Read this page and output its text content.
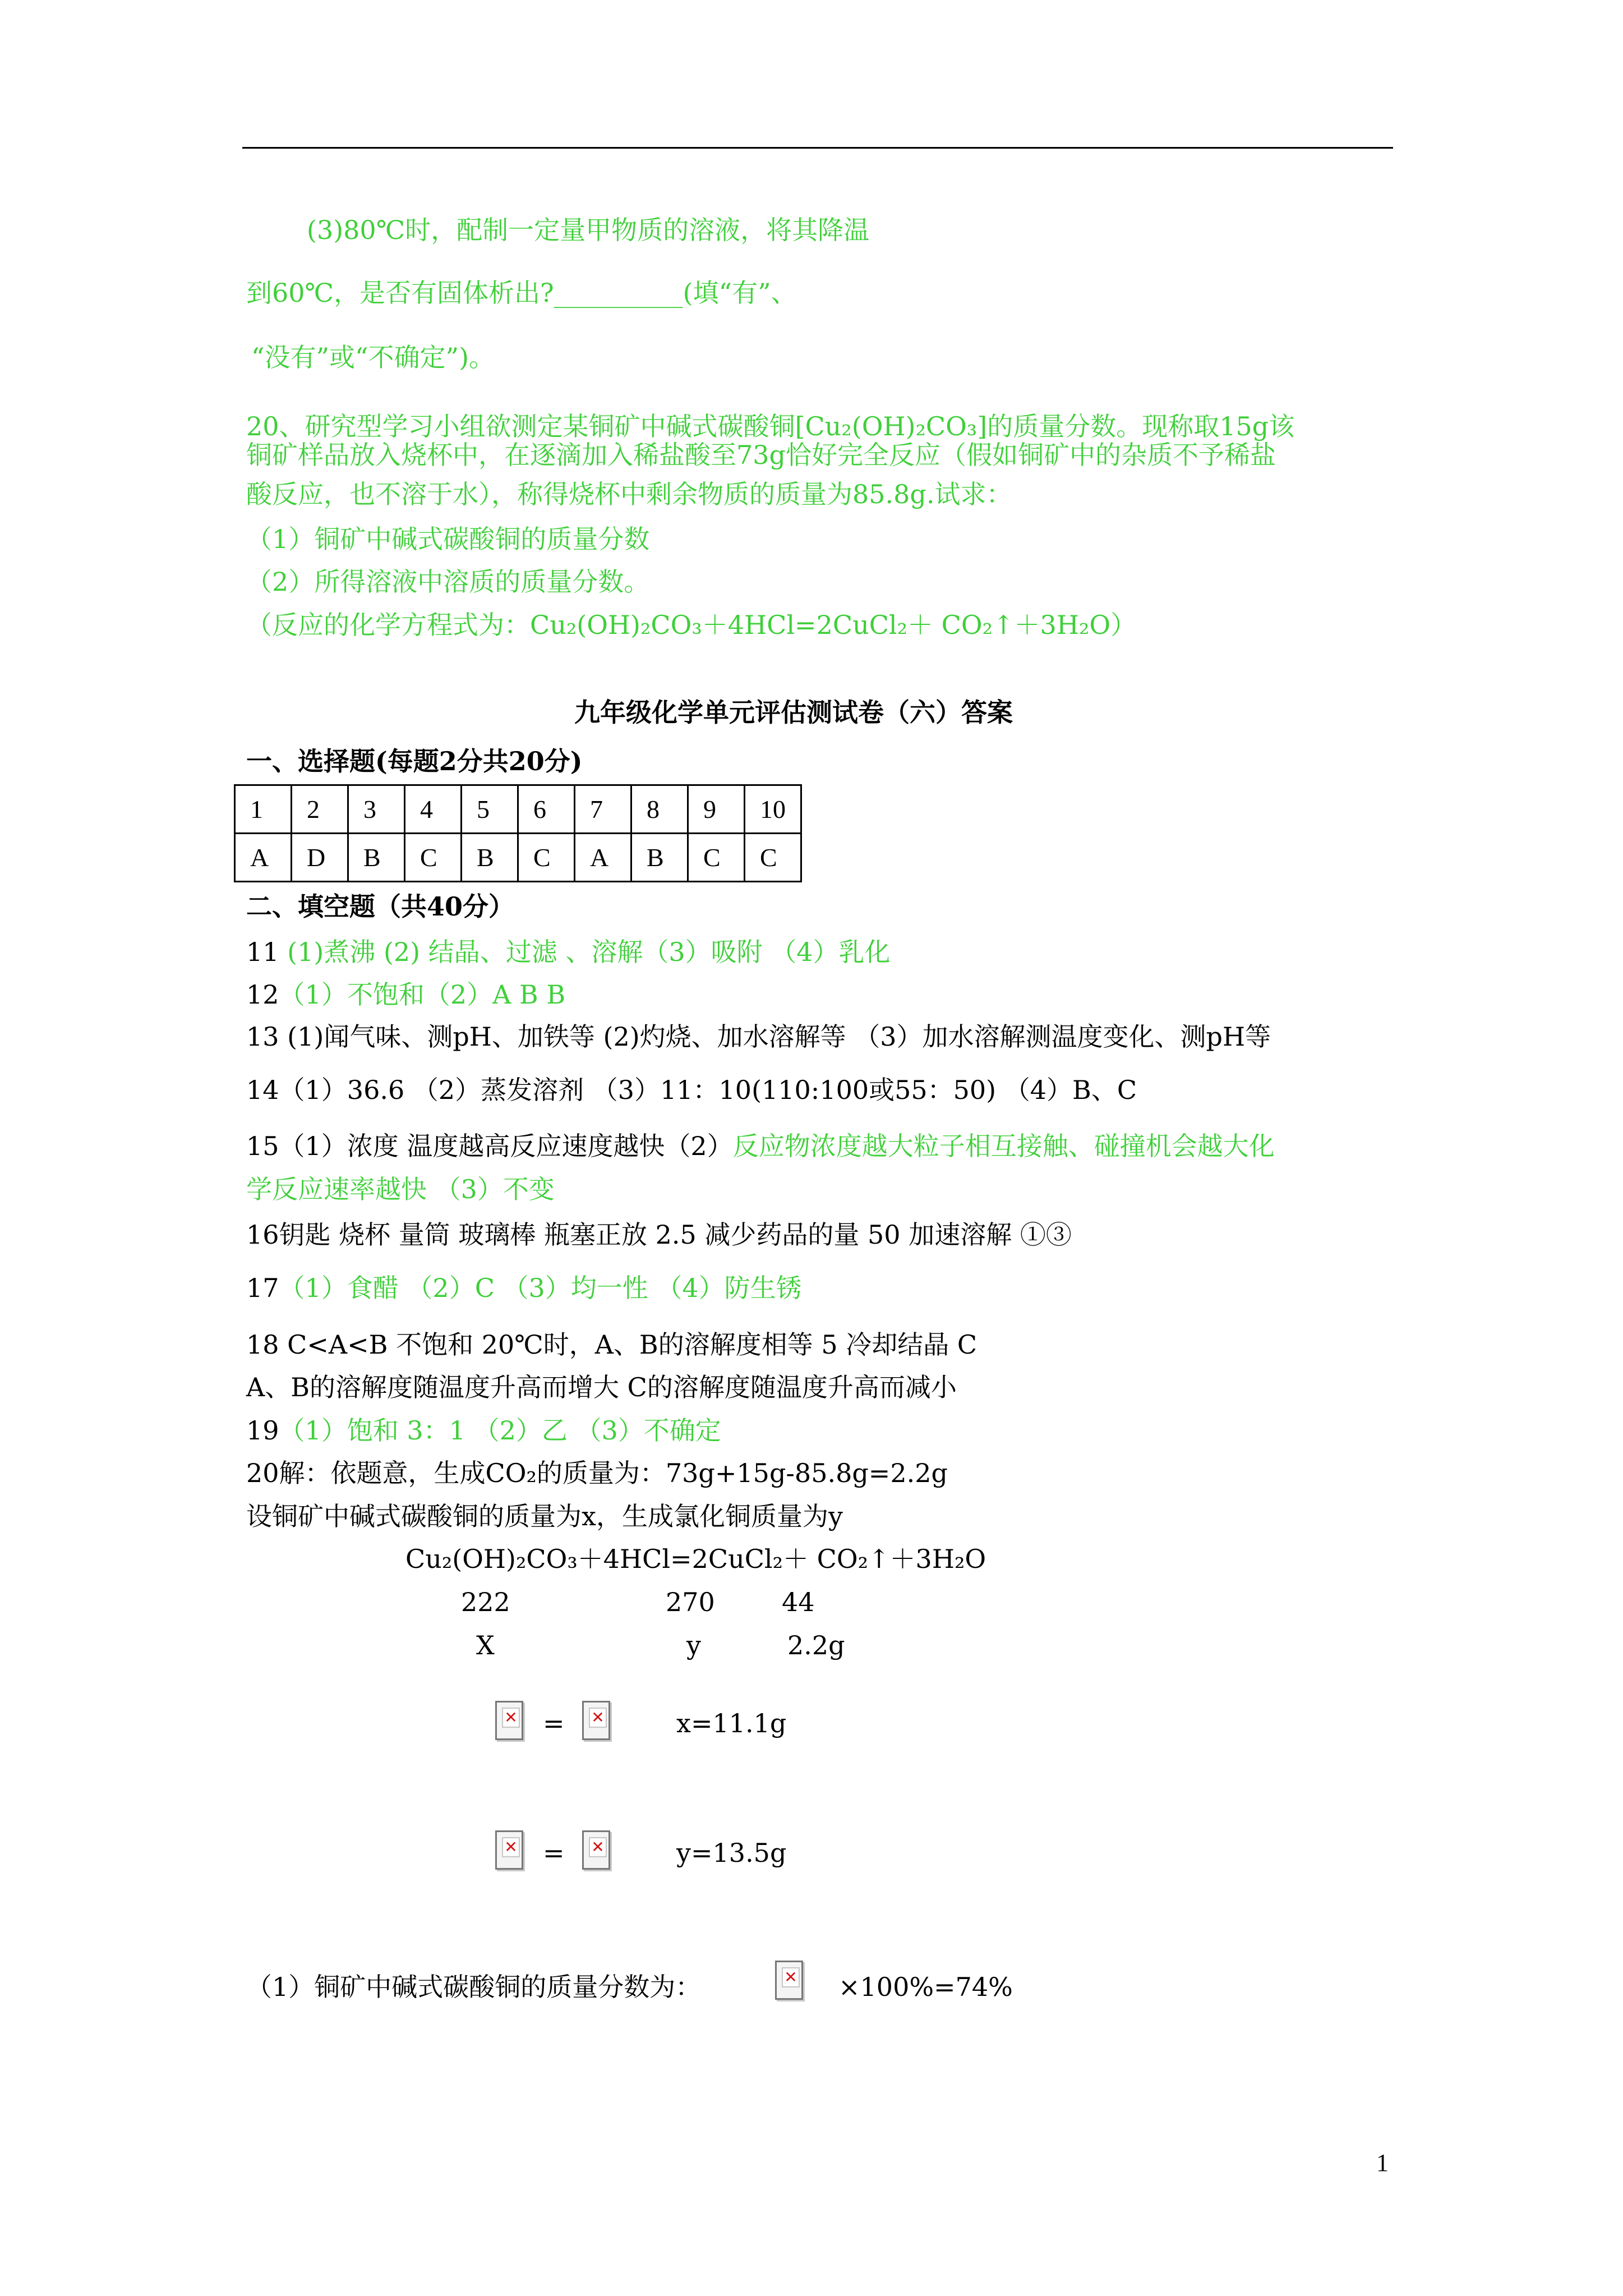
(3)80℃时，配制一定量甲物质的溶液，将其降温
到60℃，是否有固体析出?__________(填“有”、
“没有”或“不确定”)。
20、研究型学习小组欲测定某铜矿中碱式碳酸铜[Cu₂(OH)₂CO₃]的质量分数。现称取15g该
铜矿样品放入烧杯中，在逐滴加入稀盐酸至73g恰好完全反应（假如铜矿中的杂质不予稀盐
酸反应，也不溶于水），称得烧杯中剩余物质的质量为85.8g.试求：
（1）铜矿中碱式碳酸铜的质量分数
（2）所得溶液中溶质的质量分数。
（反应的化学方程式为：Cu₂(OH)₂CO₃＋4HCl=2CuCl₂＋ CO₂↑＋3H₂O）
九年级化学单元评估测试卷（六）答案
一、选择题(每题2分共20分)
1	2	3	4	5	6	7	8	9	10
A	D	B	C	B	C	A	B	C	C
二、填空题（共40分）
11 (1)煮沸 (2) 结晶、过滤 、溶解（3）吸附 （4）乳化
12（1）不饱和（2）A B B
13 (1)闻气味、测pH、加铁等 (2)灼烧、加水溶解等 （3）加水溶解测温度变化、测pH等
14（1）36.6 （2）蒸发溶剂 （3）11：10(110:100或55：50) （4）B、C
15（1）浓度 温度越高反应速度越快（2）反应物浓度越大粒子相互接触、碰撞机会越大化
学反应速率越快 （3）不变
16钥匙 烧杯 量筒 玻璃棒 瓶塞正放 2.5 减少药品的量 50 加速溶解 ①③
17（1）食醋 （2）C （3）均一性 （4）防生锈
18 C<A<B 不饱和 20℃时，A、B的溶解度相等 5 冷却结晶 C
A、B的溶解度随温度升高而增大 C的溶解度随温度升高而减小
19（1）饱和 3：1 （2）乙 （3）不确定
20解：依题意，生成CO₂的质量为：73g+15g-85.8g=2.2g
设铜矿中碱式碳酸铜的质量为x，生成氯化铜质量为y
Cu₂(OH)₂CO₃＋4HCl=2CuCl₂＋ CO₂↑＋3H₂O
222	270	44
X	y	2.2g
✕
= ✕	x=11.1g
✕
= ✕	y=13.5g
（1）铜矿中碱式碳酸铜的质量分数为： ✕	×100%=74%
1
